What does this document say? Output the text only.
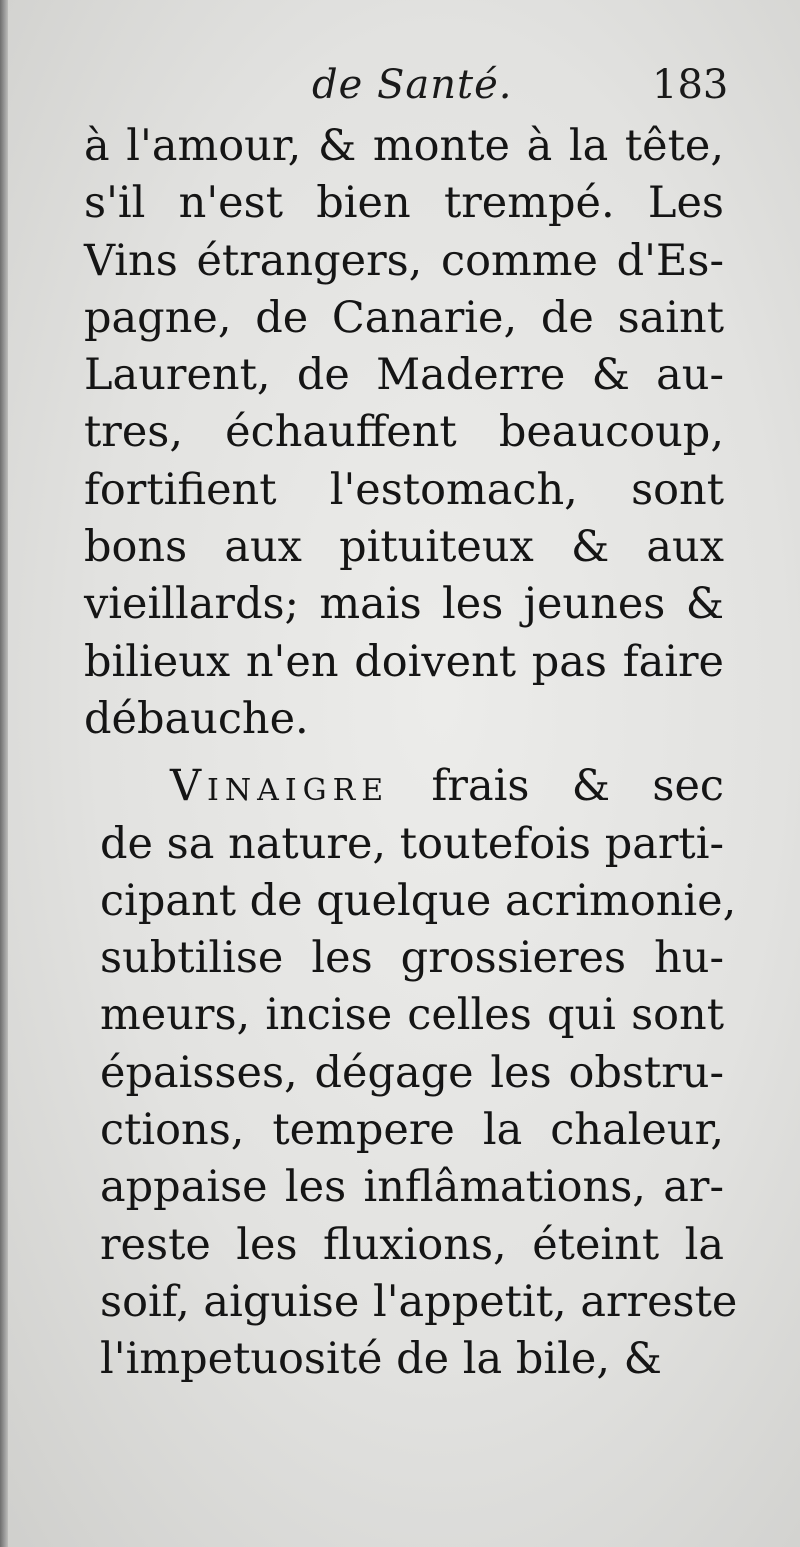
de Santé.	183
à l'amour, & monte à la tête,
s'il n'est bien trempé. Les
Vins étrangers, comme d'Es-
pagne, de Canarie, de saint
Laurent, de Maderre & au-
tres, échauffent beaucoup,
fortifient l'estomach, sont
bons aux pituiteux & aux
vieillards; mais les jeunes &
bilieux n'en doivent pas faire
débauche.
Vinaigre frais & sec
de sa nature, toutefois parti-
cipant de quelque acrimonie,
subtilise les grossieres hu-
meurs, incise celles qui sont
épaisses, dégage les obstru-
ctions, tempere la chaleur,
appaise les inflâmations, ar-
reste les fluxions, éteint la
soif, aiguise l'appetit, arreste
l'impetuosité de la bile, &
